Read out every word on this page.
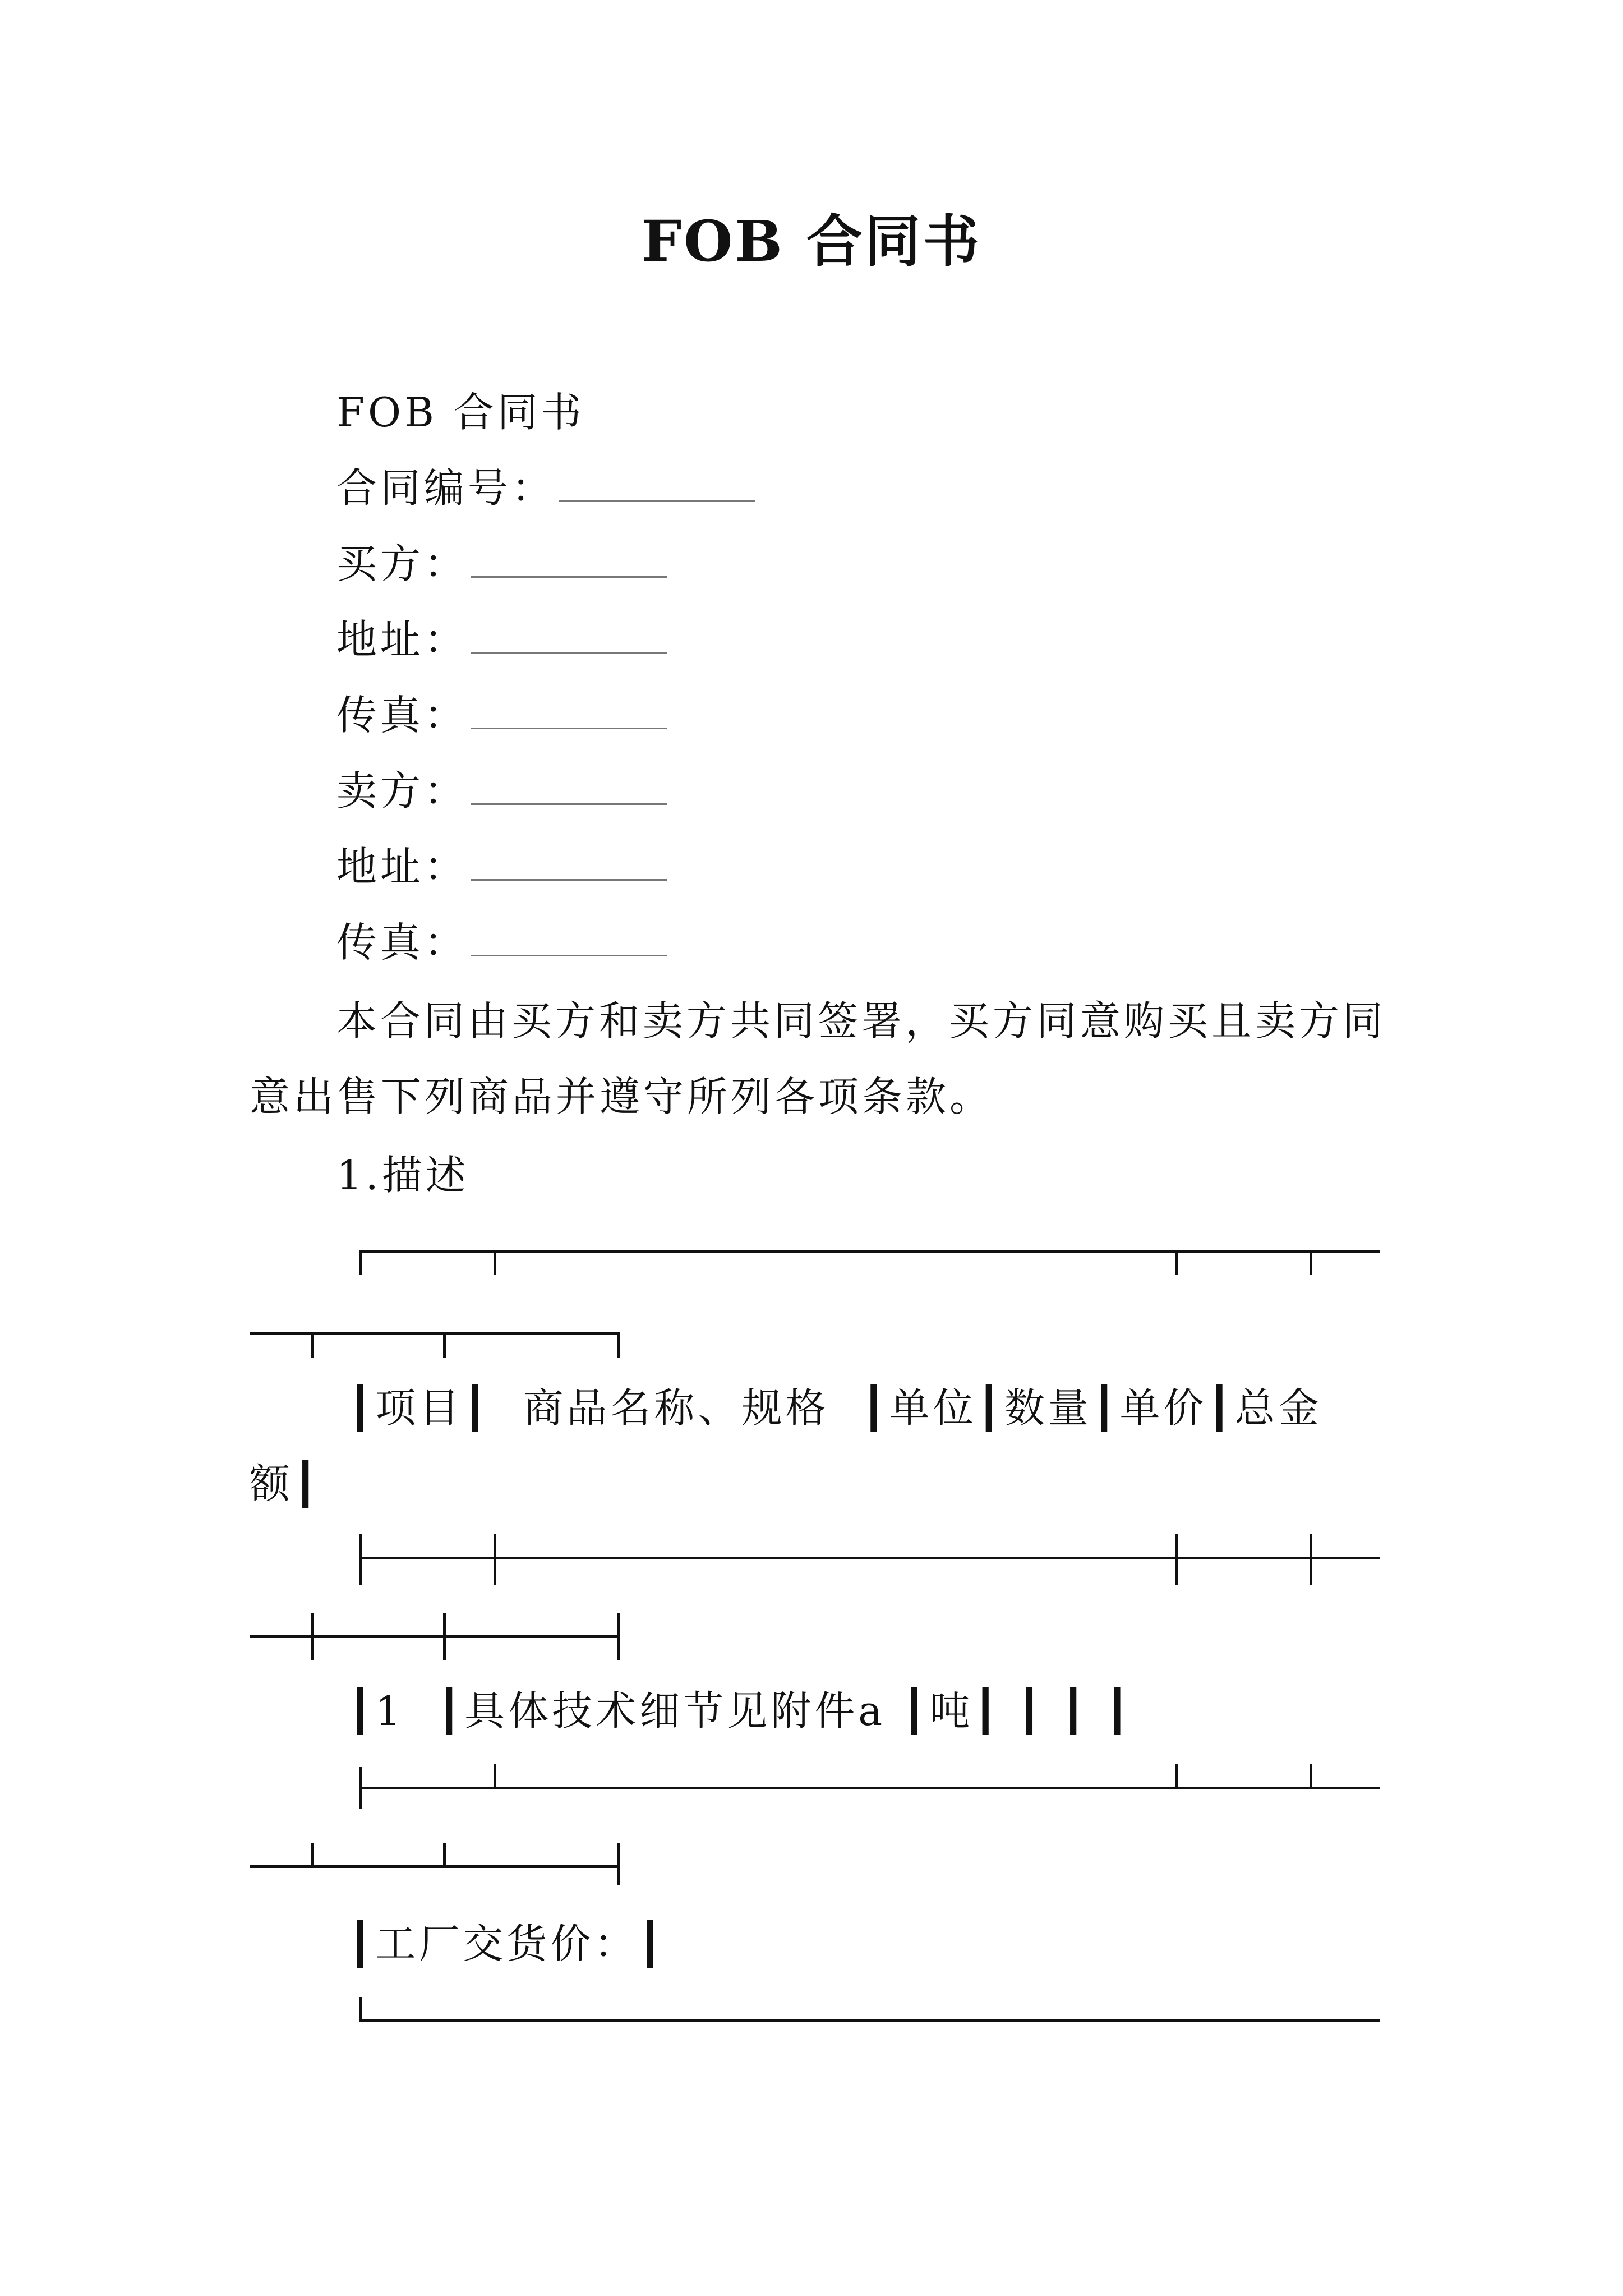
FOB 合同书
FOB 合同书
合同编号：
买方：
地址：
传真：
卖方：
地址：
传真：
本合同由买方和卖方共同签署，买方同意购买且卖方同
意出售下列商品并遵守所列各项条款。
1.描述
┃项目┃  商品名称、规格  ┃单位┃数量┃单价┃总金
额┃
┃1  ┃具体技术细节见附件a ┃吨┃ ┃ ┃ ┃
┃工厂交货价：┃
